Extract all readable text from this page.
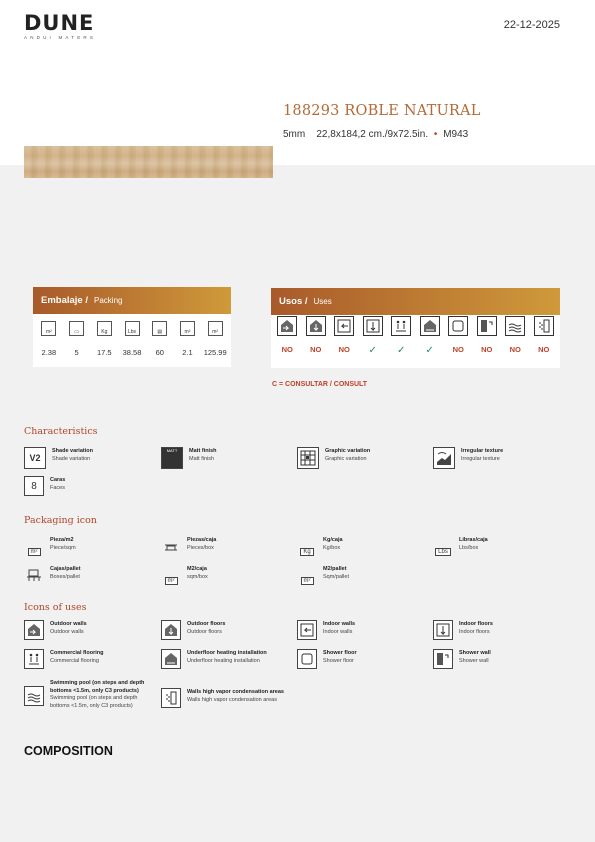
DUNE
ANDUI MATERS
22-12-2025
188293 ROBLE NATURAL
5mm 22,8x184,2 cm./9x72.5in. • M943
Embalaje / Packing
m²	▭	Kg	Lbs	▤	m²	m²
2.38	5	17.5	38.58	60	2.1	125.99
Usos / Uses
NO	NO	NO	✓	✓	✓	NO	NO	NO	NO
C = CONSULTAR / CONSULT
Characteristics
V2
Shade variation
Shade variation
MATT Matt finish
Matt finish
Graphic variation
Graphic variation
Irregular texture
Irregular texture
8
Caras
Faces
Packaging icon
m²
Pieza/m2
Piece/sqm
Piezas/caja
Pieces/box
Kg
Kg/caja
Kg/box
Lbs
Libras/caja
Lbs/box
Cajas/pallet
Boxes/pallet
m²
M2/caja
sqm/box
m²
M2/pallet
Sqm/pallet
Icons of uses
Outdoor walls
Outdoor walls
Outdoor floors
Outdoor floors
Indoor walls
Indoor walls
Indoor floors
Indoor floors
Commercial flooring
Commercial flooring
Underfloor heating installation
Underfloor heating installation
Shower floor
Shower floor
Shower wall
Shower wall
Swimming pool (on steps and depth bottoms <1.5m, only C3 products)
Swimming pool (on steps and depth bottoms <1.5m, only C3 products)
Walls high vapor condensation areas
Walls high vapor condensation areas
COMPOSITION
